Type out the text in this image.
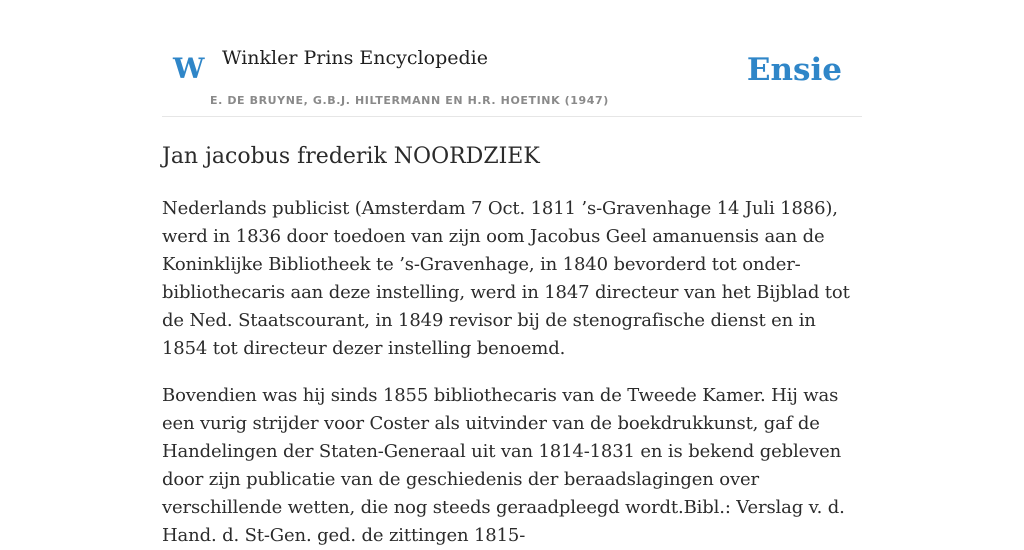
W Winkler Prins Encyclopedie
E. DE BRUYNE, G.B.J. HILTERMANN EN H.R. HOETINK (1947)
Ensie
Jan jacobus frederik NOORDZIEK

Nederlands publicist (Amsterdam 7 Oct. 1811 ’s-Gravenhage 14 Juli 1886), werd in 1836 door toedoen van zijn oom Jacobus Geel amanuensis aan de Koninklijke Bibliotheek te ’s-Gravenhage, in 1840 bevorderd tot onder-bibliothecaris aan deze instelling, werd in 1847 directeur van het Bijblad tot de Ned. Staatscourant, in 1849 revisor bij de stenografische dienst en in 1854 tot directeur dezer instelling benoemd.

Bovendien was hij sinds 1855 bibliothecaris van de Tweede Kamer. Hij was een vurig strijder voor Coster als uitvinder van de boekdrukkunst, gaf de Handelingen der Staten-Generaal uit van 1814-1831 en is bekend gebleven door zijn publicatie van de geschiedenis der beraadslagingen over verschillende wetten, die nog steeds geraadpleegd wordt.Bibl.: Verslag v. d. Hand. d. St-Gen. ged. de zittingen 1815-
